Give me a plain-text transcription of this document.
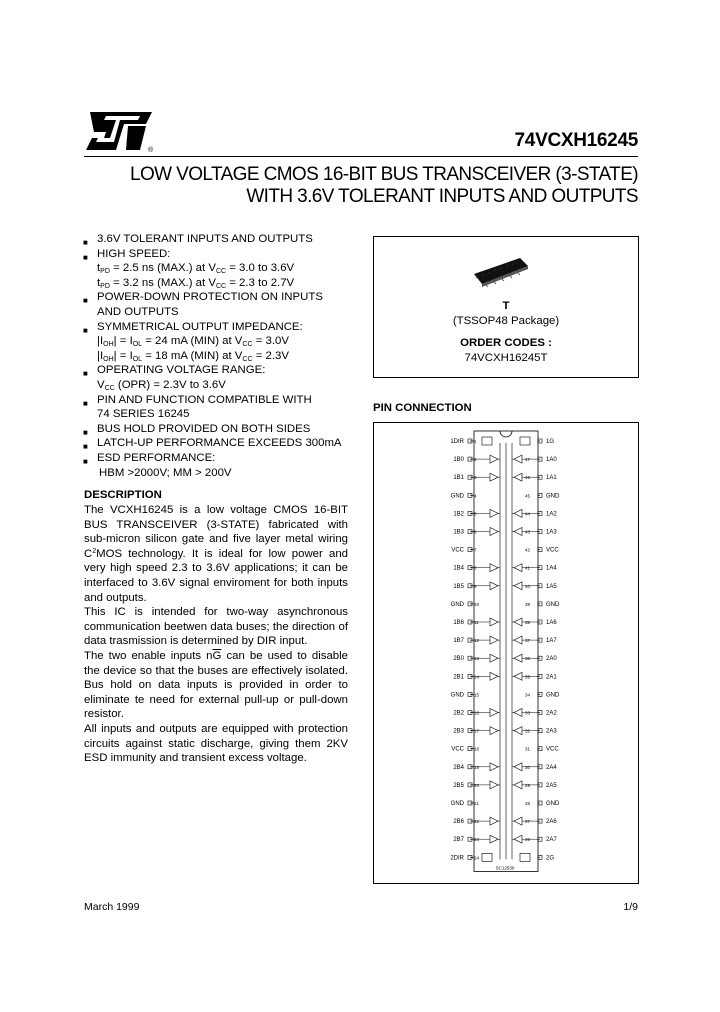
®	74VCXH16245
LOW VOLTAGE CMOS 16-BIT BUS TRANSCEIVER (3-STATE)
WITH 3.6V TOLERANT INPUTS AND OUTPUTS
■ 3.6V TOLERANT INPUTS AND OUTPUTS
■ HIGH SPEED:
$t_{PD} = 2.5$ ns (MAX.) at $V_{CC} = 3.0$ to 3.6V
$t_{PD} = 3.2$ ns (MAX.) at $V_{CC} = 2.3$ to 2.7V
■ POWER-DOWN PROTECTION ON INPUTS
AND OUTPUTS
■ SYMMETRICAL OUTPUT IMPEDANCE:
$|I_{OH}| = I_{OL} = 24$ mA (MIN) at $V_{CC} = 3.0V$
$|I_{OH}| = I_{OL} = 18$ mA (MIN) at $V_{CC} = 2.3V$
■ OPERATING VOLTAGE RANGE:
$V_{CC}$ (OPR) = 2.3V to 3.6V
■ PIN AND FUNCTION COMPATIBLE WITH
74 SERIES 16245
■ BUS HOLD PROVIDED ON BOTH SIDES
■ LATCH-UP PERFORMANCE EXCEEDS 300mA
■ ESD PERFORMANCE:
HBM >2000V; MM > 200V
DESCRIPTION

The VCXH16245 is a low voltage CMOS 16-BIT BUS TRANSCEIVER (3-STATE) fabricated with sub-micron silicon gate and five layer metal wiring $C^2MOS$ technology. It is ideal for low power and very high speed 2.3 to 3.6V applications; it can be interfaced to 3.6V signal enviroment for both inputs and outputs.

This IC is intended for two-way asynchronous communication beetwen data buses; the direction of data trasmission is determined by DIR input.

The two enable inputs $n\overline{G}$ can be used to disable the device so that the buses are effectively isolated. Bus hold on data inputs is provided in order to eliminate te need for external pull-up or pull-down resistor.

All inputs and outputs are equipped with protection circuits against static discharge, giving them 2KV ESD immunity and transient excess voltage.

T
(TSSOP48 Package)
ORDER CODES :
74VCXH16245T
PIN CONNECTION
1DIR 1
1B0 2
1B1 3
GND 4
1B2 5
1B3 6
VCC 7
1B4 8
1B5 9
GND 10
1B6 11
1B7 12
2B0 13
2B1 14
GND 15
2B2 16
2B3 17
VCC 18
2B4 19
2B5 20
GND 21
2B6 22
2B7 23
2DIR 24
1G
47	1A0
46	1A1
45	GND
44	1A2
43	1A3
42	VCC
41	1A4
40	1A5
39	GND
38	1A6
37	1A7
36	2A0
35	2A1
34	GND
33	2A2
32	2A3
31	VCC
30	2A4
29	2A5
28	GND
27	2A6
26	2A7
2G
SC12530
March 1999	1/9
